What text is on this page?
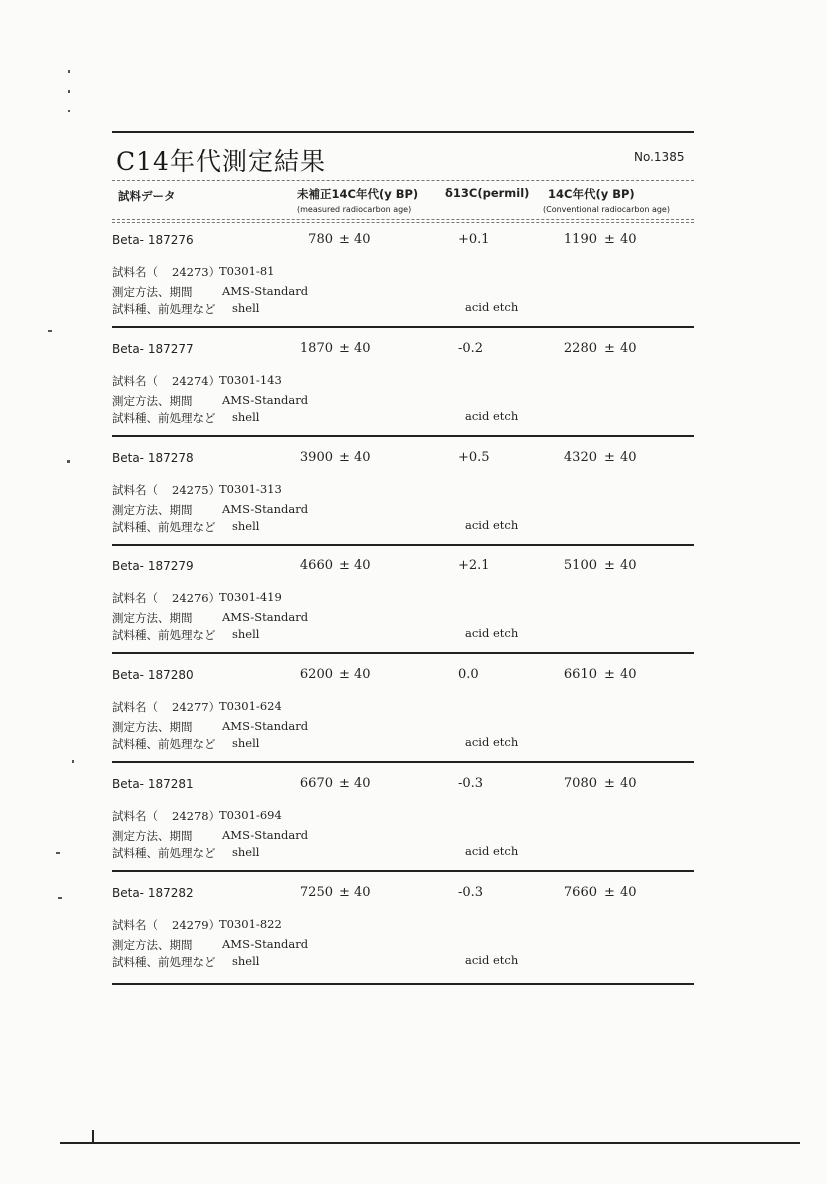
C14年代測定結果	No.1385
試料データ	未補正14C年代(y BP)
(measured radiocarbon age)
δ13C(permil) 14C年代(y BP)
(Conventional radiocarbon age)
Beta- 187276	780 ± 40	+0.1	1190 ± 40
試料名（ 24273）
T0301-81
測定方法、期間	AMS-Standard
試料種、前処理など shell	acid etch
Beta- 187277	1870 ± 40	-0.2	2280 ± 40
試料名（ 24274）
T0301-143
測定方法、期間	AMS-Standard
試料種、前処理など shell	acid etch
Beta- 187278	3900 ± 40	+0.5	4320 ± 40
試料名（ 24275）
T0301-313
測定方法、期間	AMS-Standard
試料種、前処理など shell	acid etch
Beta- 187279	4660 ± 40	+2.1	5100 ± 40
試料名（ 24276）
T0301-419
測定方法、期間	AMS-Standard
試料種、前処理など shell	acid etch
Beta- 187280	6200 ± 40	0.0	6610 ± 40
試料名（ 24277）
T0301-624
測定方法、期間	AMS-Standard
試料種、前処理など shell	acid etch
Beta- 187281	6670 ± 40	-0.3	7080 ± 40
試料名（ 24278）
T0301-694
測定方法、期間	AMS-Standard
試料種、前処理など shell	acid etch
Beta- 187282	7250 ± 40	-0.3	7660 ± 40
試料名（ 24279）
T0301-822
測定方法、期間	AMS-Standard
試料種、前処理など shell	acid etch
